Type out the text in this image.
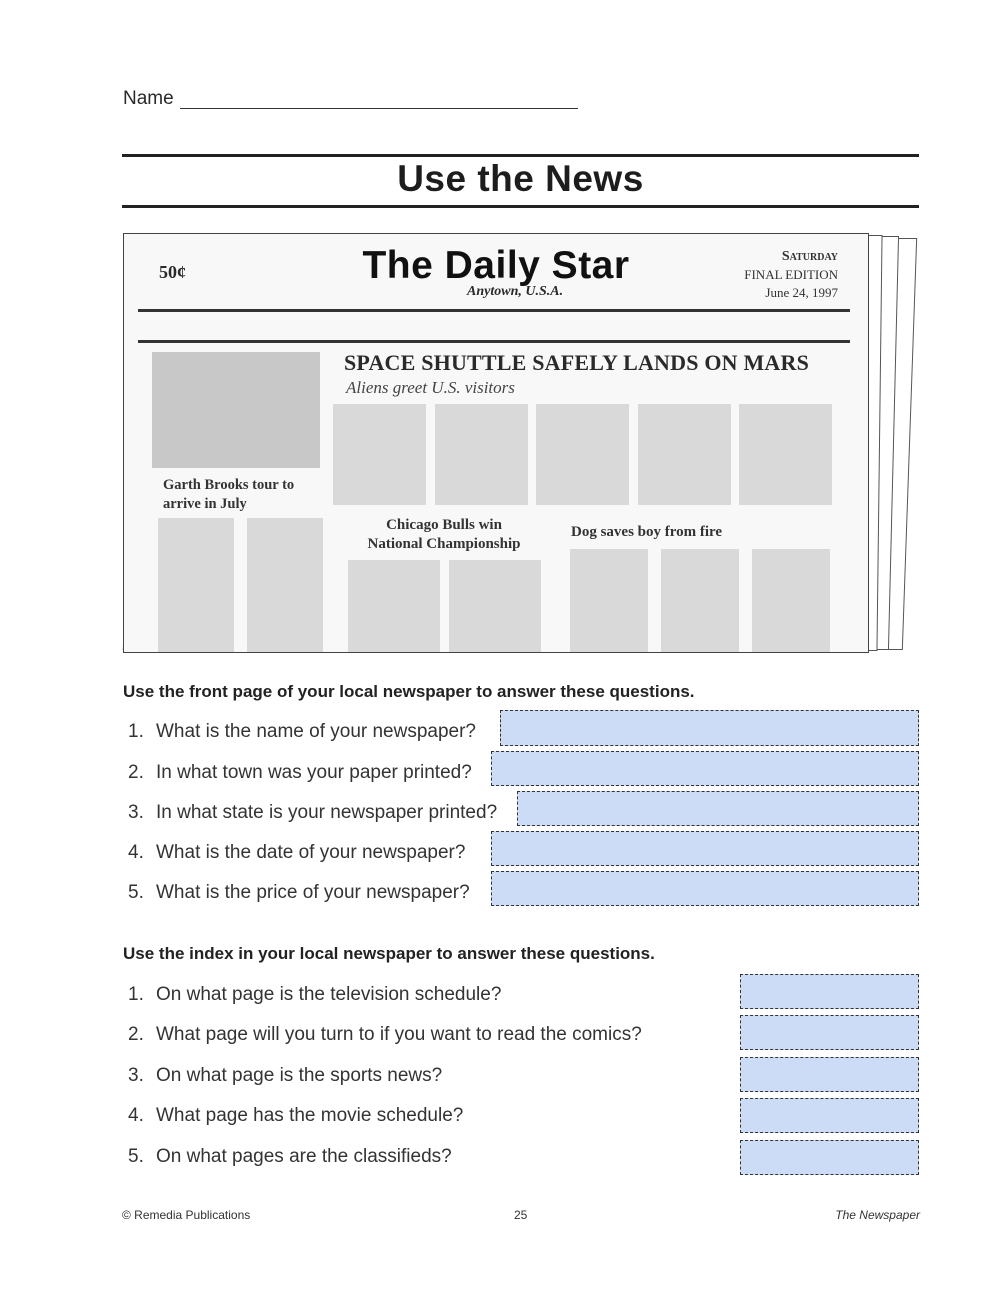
Name
Use the News
50¢	The Daily Star
Anytown, U.S.A.
Saturday
FINAL EDITION
June 24, 1997
Garth Brooks tour to arrive in July
SPACE SHUTTLE SAFELY LANDS ON MARS
Aliens greet U.S. visitors
Chicago Bulls win
National Championship
Dog saves boy from fire
Use the front page of your local newspaper to answer these questions.
1. What is the name of your newspaper?
2. In what town was your paper printed?
3. In what state is your newspaper printed?
4. What is the date of your newspaper?
5. What is the price of your newspaper?
Use the index in your local newspaper to answer these questions.
1. On what page is the television schedule?
2. What page will you turn to if you want to read the comics?
3. On what page is the sports news?
4. What page has the movie schedule?
5. On what pages are the classifieds?
© Remedia Publications	25	The Newspaper
